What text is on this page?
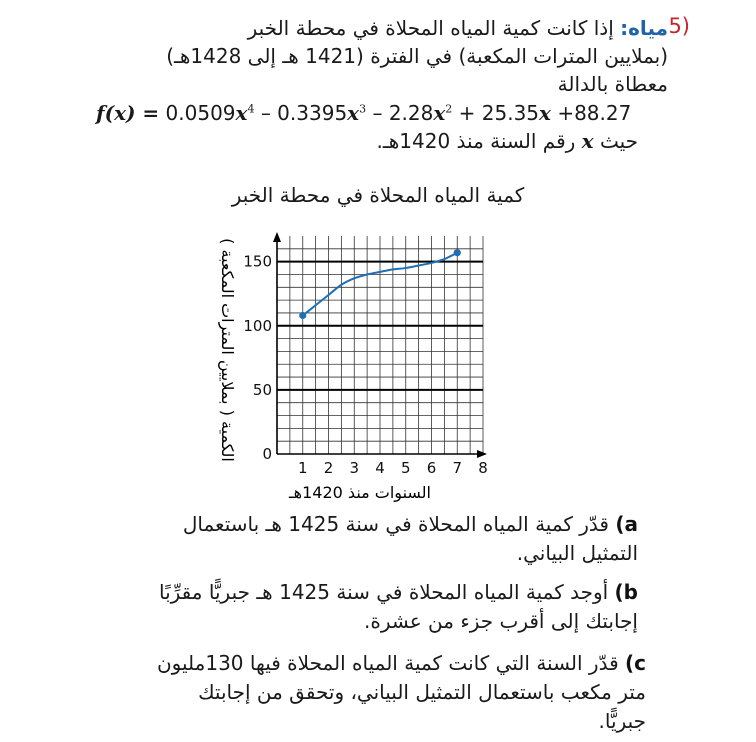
5)
مياه: إذا كانت كمية المياه المحلاة في محطة الخبر
(بملايين المترات المكعبة) في الفترة (1421 هـ إلى 1428هـ)
معطاة بالدالة
$f(x) = 0.0509x^4 - 0.3395x^3 - 2.28x^2 + 25.35x +88.27$
حيث x رقم السنة منذ 1420هـ.
كمية المياه المحلاة في محطة الخبر
1 2 3 4 5 6 7 8
0
50
100
150
السنوات منذ 1420هـ
الكمية ( بملايين المترات المكعبة )
a) قدّر كمية المياه المحلاة في سنة 1425 هـ باستعمال
التمثيل البياني.
b) أوجد كمية المياه المحلاة في سنة 1425 هـ جبريًّا مقرِّبًا
إجابتك إلى أقرب جزء من عشرة.
c) قدّر السنة التي كانت كمية المياه المحلاة فيها 130مليون
متر مكعب باستعمال التمثيل البياني، وتحقق من إجابتك
جبريًّا.
